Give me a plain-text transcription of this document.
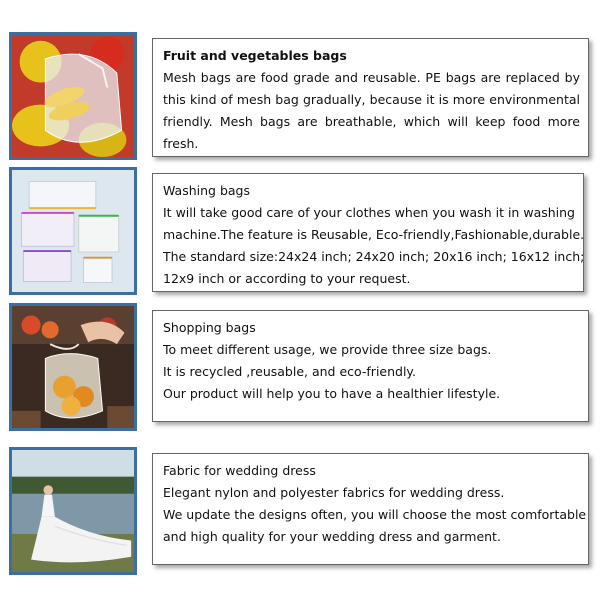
Fruit and vegetables bags
Mesh bags are food grade and reusable. PE bags are replaced by
this kind of mesh bag gradually, because it is more environmental
friendly. Mesh bags are breathable, which will keep food more
fresh.
Washing bags
It will take good care of your clothes when you wash it in washing
machine.The feature is Reusable, Eco-friendly,Fashionable,durable.
The standard size:24x24 inch; 24x20 inch; 20x16 inch; 16x12 inch;
12x9 inch or according to your request.
Shopping bags
To meet different usage, we provide three size bags.
It is recycled ,reusable, and eco-friendly.
Our product will help you to have a healthier lifestyle.
Fabric for wedding dress
Elegant nylon and polyester fabrics for wedding dress.
We update the designs often, you will choose the most comfortable
and high quality for your wedding dress and garment.
